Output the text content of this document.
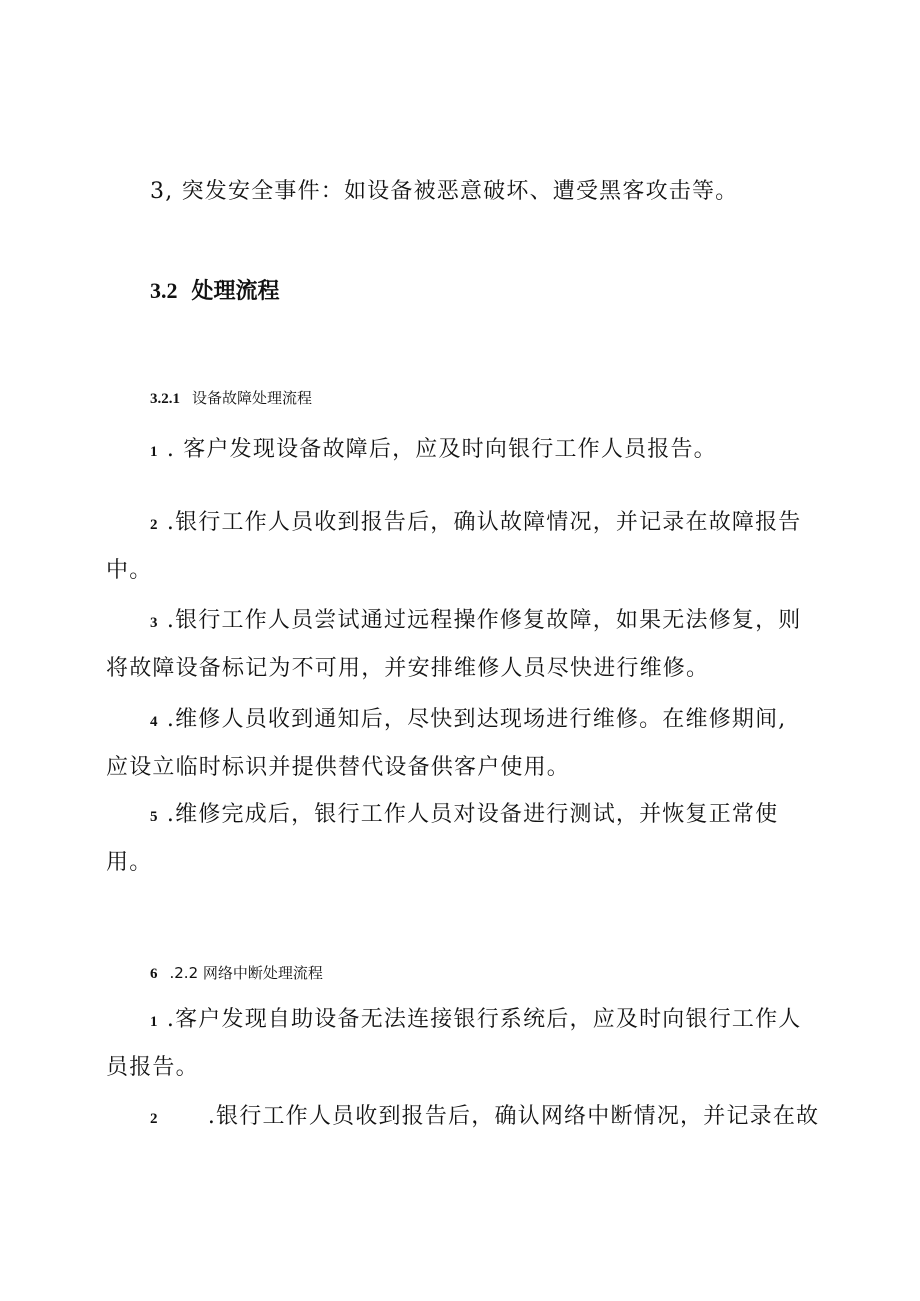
3, 突发安全事件：如设备被恶意破坏、遭受黑客攻击等。
3.2 处理流程
3.2.1 设备故障处理流程
1 . 客户发现设备故障后，应及时向银行工作人员报告。
2 .银行工作人员收到报告后，确认故障情况，并记录在故障报告
中。
3 .银行工作人员尝试通过远程操作修复故障，如果无法修复，则
将故障设备标记为不可用，并安排维修人员尽快进行维修。
4 .维修人员收到通知后，尽快到达现场进行维修。在维修期间,
应设立临时标识并提供替代设备供客户使用。
5 .维修完成后，银行工作人员对设备进行测试，并恢复正常使
用。
6 .2.2 网络中断处理流程
1 .客户发现自助设备无法连接银行系统后，应及时向银行工作人
员报告。
2      .银行工作人员收到报告后，确认网络中断情况，并记录在故
